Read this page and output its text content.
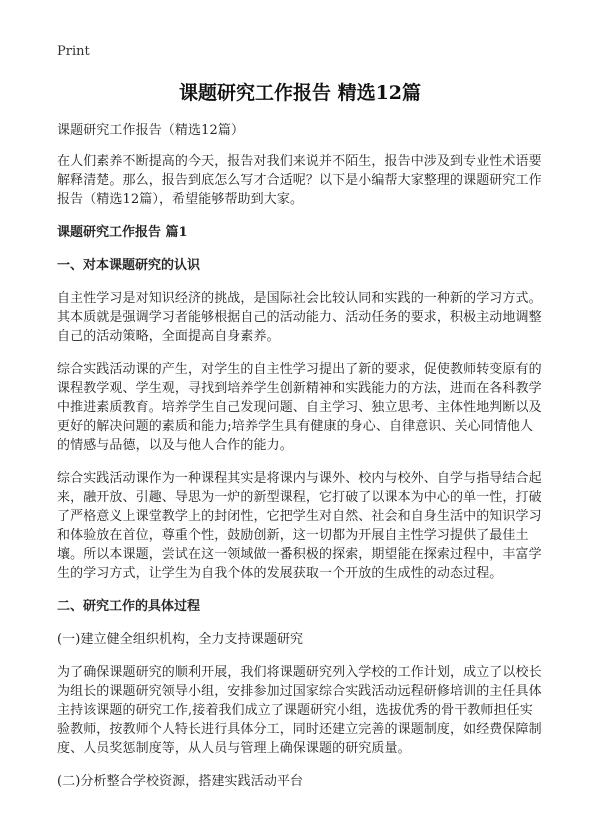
Print
课题研究工作报告 精选12篇

课题研究工作报告（精选12篇）

在人们素养不断提高的今天，报告对我们来说并不陌生，报告中涉及到专业性术语要解释清楚。那么，报告到底怎么写才合适呢？以下是小编帮大家整理的课题研究工作报告（精选12篇），希望能够帮助到大家。

课题研究工作报告 篇1
一、对本课题研究的认识

自主性学习是对知识经济的挑战，是国际社会比较认同和实践的一种新的学习方式。其本质就是强调学习者能够根据自己的活动能力、活动任务的要求，积极主动地调整自己的活动策略，全面提高自身素养。

综合实践活动课的产生，对学生的自主性学习提出了新的要求，促使教师转变原有的课程教学观、学生观，寻找到培养学生创新精神和实践能力的方法，进而在各科教学中推进素质教育。培养学生自己发现问题、自主学习、独立思考、主体性地判断以及更好的解决问题的素质和能力;培养学生具有健康的身心、自律意识、关心同情他人的情感与品德，以及与他人合作的能力。

综合实践活动课作为一种课程其实是将课内与课外、校内与校外、自学与指导结合起来，融开放、引趣、导思为一炉的新型课程，它打破了以课本为中心的单一性，打破了严格意义上课堂教学上的封闭性，它把学生对自然、社会和自身生活中的知识学习和体验放在首位，尊重个性，鼓励创新，这一切都为开展自主性学习提供了最佳土壤。所以本课题，尝试在这一领域做一番积极的探索，期望能在探索过程中，丰富学生的学习方式，让学生为自我个体的发展获取一个开放的生成性的动态过程。

二、研究工作的具体过程

(一)建立健全组织机构，全力支持课题研究

为了确保课题研究的顺利开展，我们将课题研究列入学校的工作计划，成立了以校长为组长的课题研究领导小组，安排参加过国家综合实践活动远程研修培训的主任具体主持该课题的研究工作,接着我们成立了课题研究小组，选拔优秀的骨干教师担任实验教师，按教师个人特长进行具体分工，同时还建立完善的课题制度，如经费保障制度、人员奖惩制度等，从人员与管理上确保课题的研究质量。

(二)分析整合学校资源，搭建实践活动平台
